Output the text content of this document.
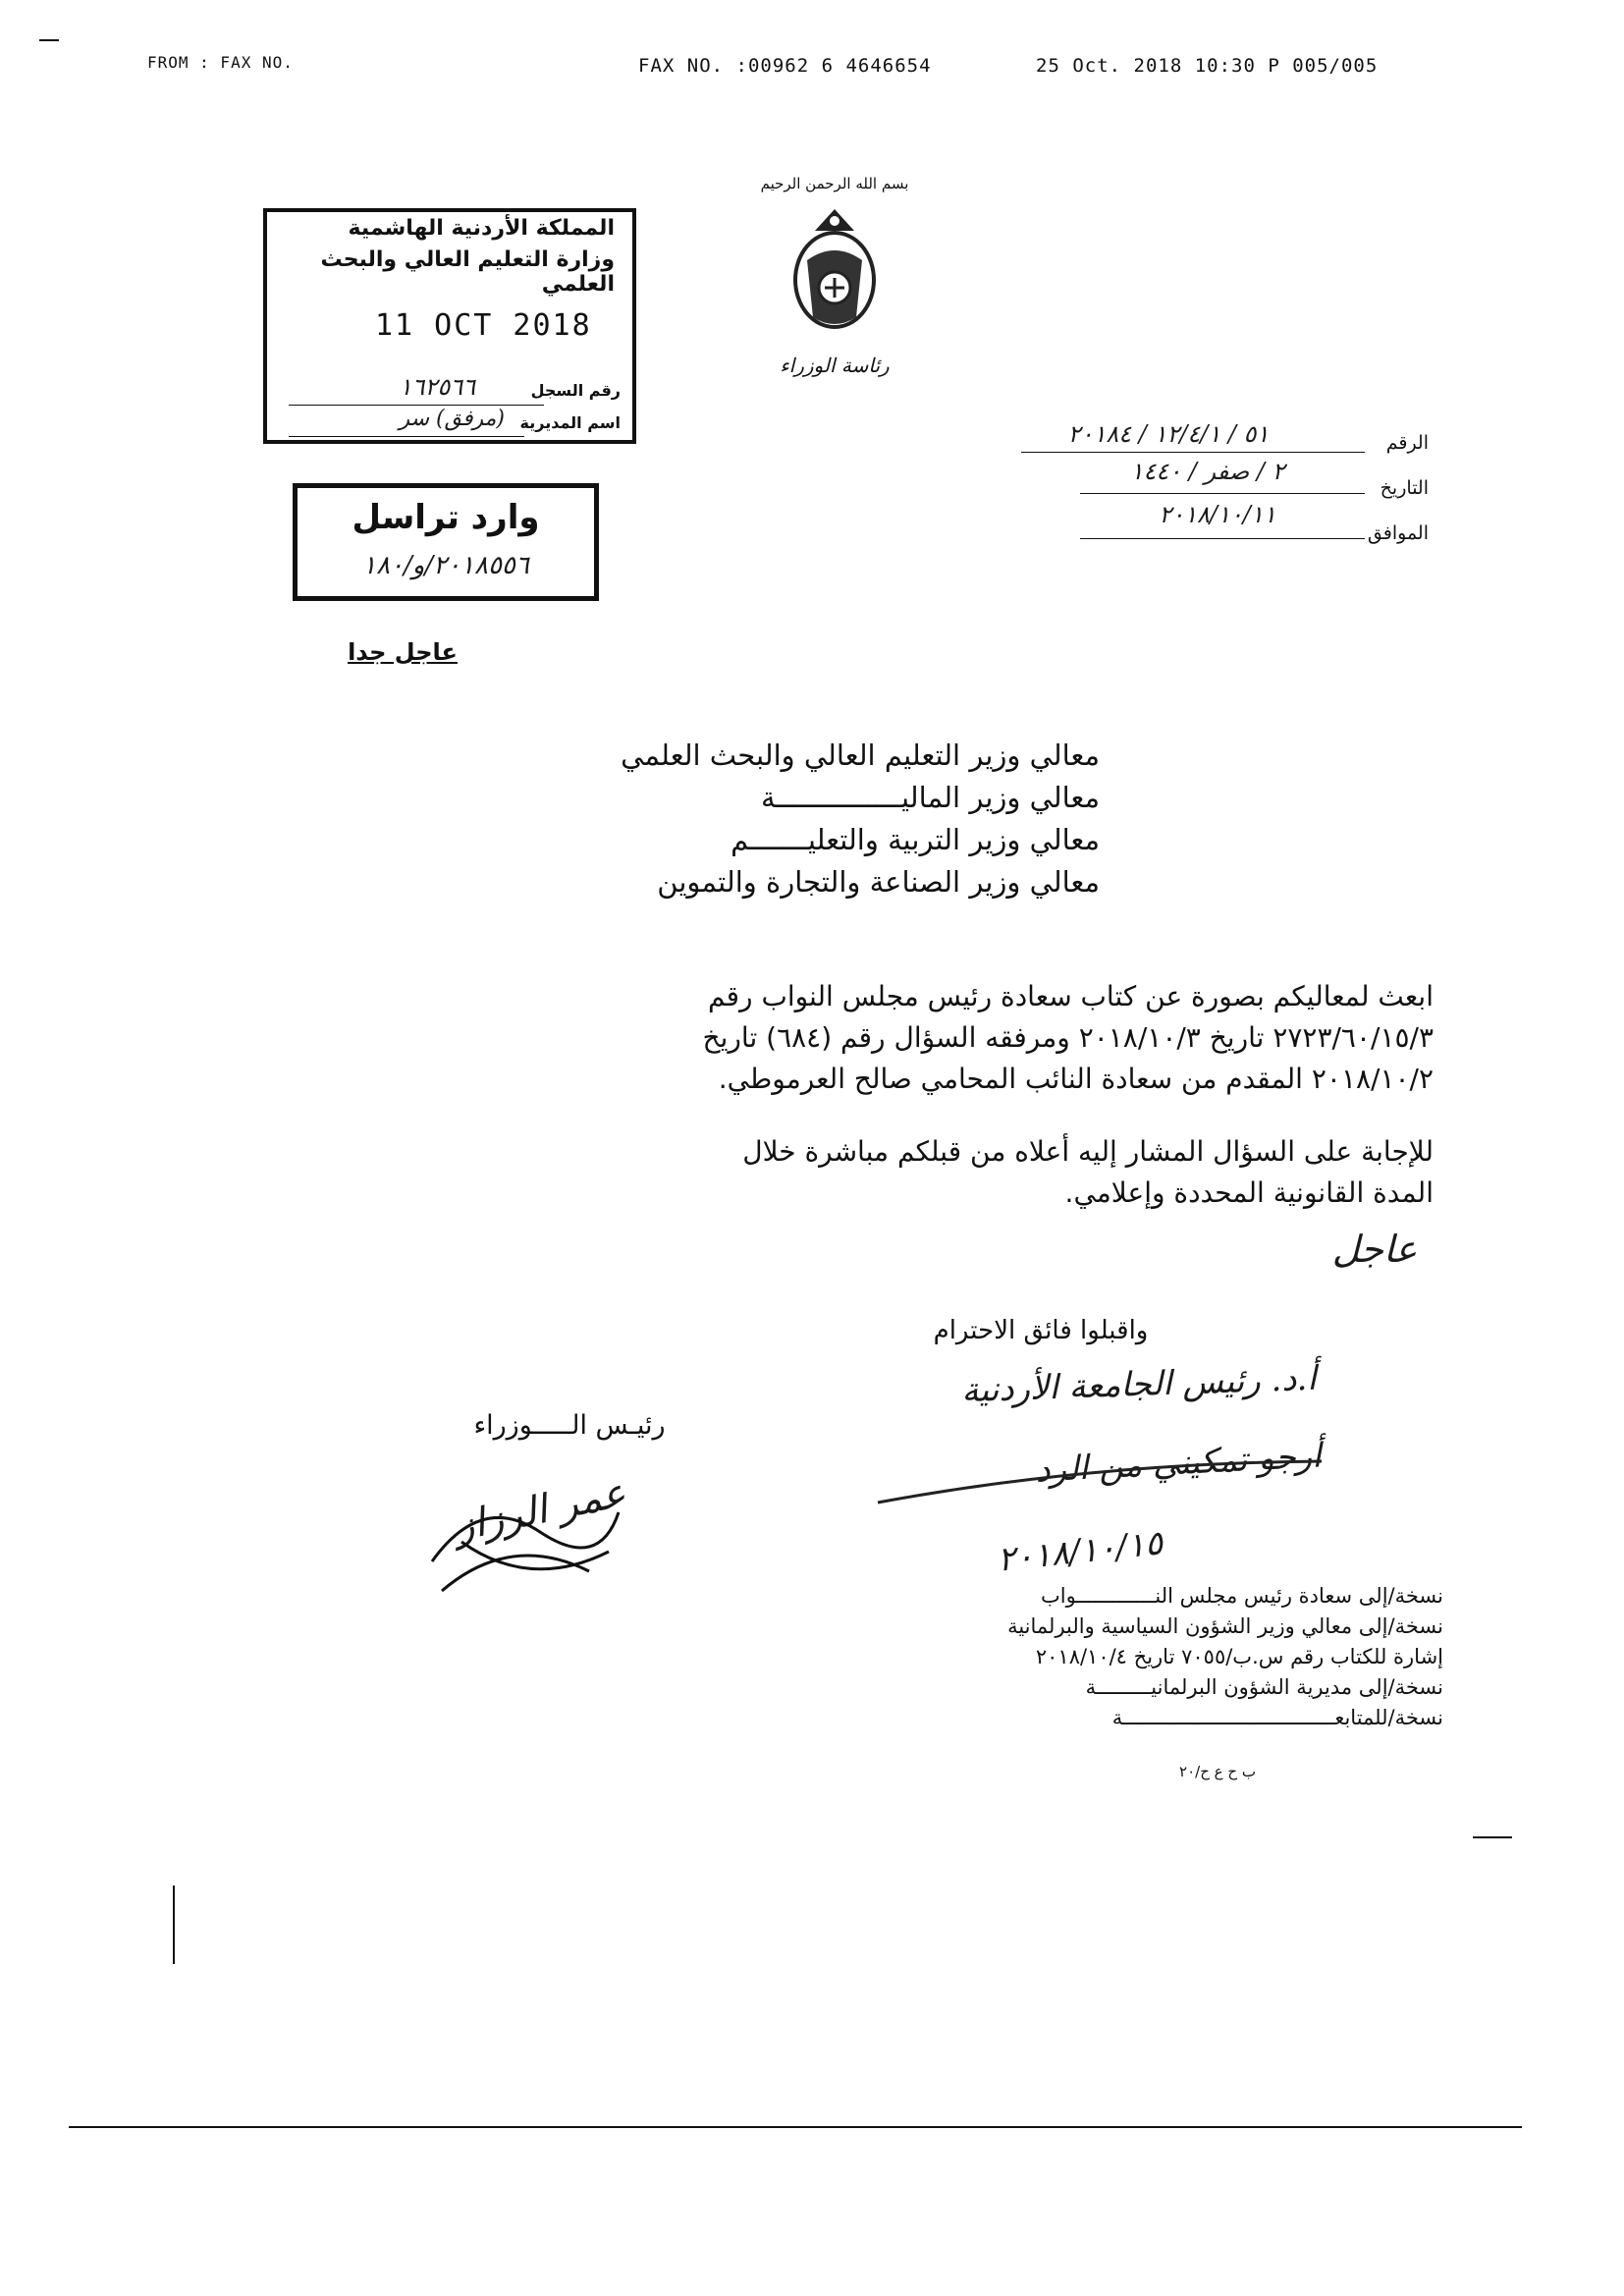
FROM : FAX NO.	FAX NO. :00962 6 4646654	25 Oct. 2018 10:30 P 005/005
بسم الله الرحمن الرحيم
رئاسة الوزراء
المملكة الأردنية الهاشمية
وزارة التعليم العالي والبحث العلمي
11 OCT 2018
رقم السجل
١٦٢٥٦٦
اسم المديرية
(مرفق) سر
وارد تراسل
٢٠١٨٥٥٦/و/١٨٠
الرقم
٥١ / ١٢/٤/١ / ٢٠١٨٤
التاريخ
٢ / صفر / ١٤٤٠
الموافق
٢٠١٨/١٠/١١
عاجل جدا
معالي وزير التعليم العالي والبحث العلمي
معالي وزير الماليـــــــــــــــة
معالي وزير التربية والتعليـــــــم
معالي وزير الصناعة والتجارة والتموين
ابعث لمعاليكم بصورة عن كتاب سعادة رئيس مجلس النواب رقم
٢٧٢٣/٦٠/١٥/٣ تاريخ ٢٠١٨/١٠/٣ ومرفقه السؤال رقم (٦٨٤) تاريخ
٢٠١٨/١٠/٢ المقدم من سعادة النائب المحامي صالح العرموطي.
للإجابة على السؤال المشار إليه أعلاه من قبلكم مباشرة خلال
المدة القانونية المحددة وإعلامي.
عاجل
واقبلوا فائق الاحترام
أ.د. رئيس الجامعة الأردنية
أرجو تمكيني من الرد
٢٠١٨/١٠/١٥
رئيـس الـــــوزراء
عمر الرزاز
نسخة/إلى سعادة رئيس مجلس النـــــــــــــواب
نسخة/إلى معالي وزير الشؤون السياسية والبرلمانية
إشارة للكتاب رقم س.ب/٧٠٥٥ تاريخ ٢٠١٨/١٠/٤
نسخة/إلى مديرية الشؤون البرلمانيـــــــــة
نسخة/للمتابعـــــــــــــــــــــــــــــــــــة
ب ح ع ح/٢٠
